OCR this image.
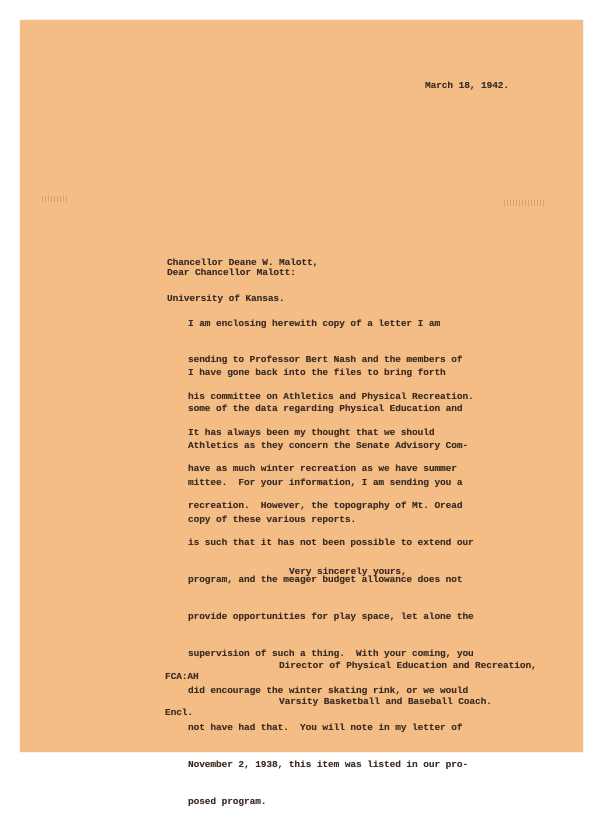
March 18, 1942.

Chancellor Deane W. Malott,

University of Kansas.

Dear Chancellor Malott:

I am enclosing herewith copy of a letter I am

sending to Professor Bert Nash and the members of

his committee on Athletics and Physical Recreation.

I have gone back into the files to bring forth

some of the data regarding Physical Education and

Athletics as they concern the Senate Advisory Com-

mittee.  For your information, I am sending you a

copy of these various reports.

It has always been my thought that we should

have as much winter recreation as we have summer

recreation.  However, the topography of Mt. Oread

is such that it has not been possible to extend our

program, and the meager budget allowance does not

provide opportunities for play space, let alone the

supervision of such a thing.  With your coming, you

did encourage the winter skating rink, or we would

not have had that.  You will note in my letter of

November 2, 1938, this item was listed in our pro-

posed program.

Very sincerely yours,

Director of Physical Education and Recreation,

Varsity Basketball and Baseball Coach.

FCA:AH

Encl.
